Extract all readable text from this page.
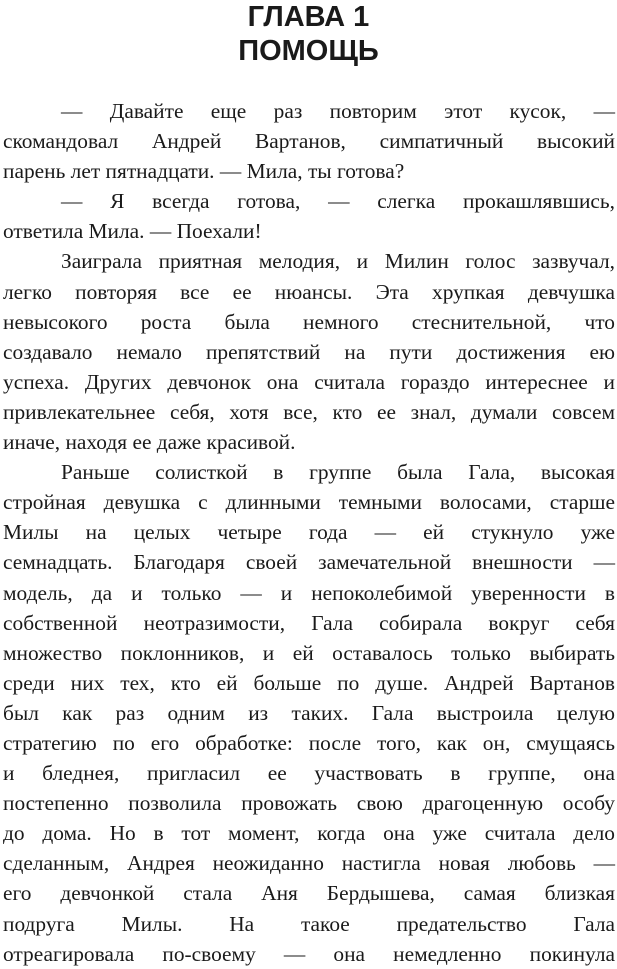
ГЛАВА 1
ПОМОЩЬ

— Давайте еще раз повторим этот кусок, —
скомандовал Андрей Вартанов, симпатичный высокий
парень лет пятнадцати. — Мила, ты готова?

— Я всегда готова, — слегка прокашлявшись,
ответила Мила. — Поехали!

Заиграла приятная мелодия, и Милин голос зазвучал,
легко повторяя все ее нюансы. Эта хрупкая девчушка
невысокого роста была немного стеснительной, что
создавало немало препятствий на пути достижения ею
успеха. Других девчонок она считала гораздо интереснее и
привлекательнее себя, хотя все, кто ее знал, думали совсем
иначе, находя ее даже красивой.

Раньше солисткой в группе была Гала, высокая
стройная девушка с длинными темными волосами, старше
Милы на целых четыре года — ей стукнуло уже
семнадцать. Благодаря своей замечательной внешности —
модель, да и только — и непоколебимой уверенности в
собственной неотразимости, Гала собирала вокруг себя
множество поклонников, и ей оставалось только выбирать
среди них тех, кто ей больше по душе. Андрей Вартанов
был как раз одним из таких. Гала выстроила целую
стратегию по его обработке: после того, как он, смущаясь
и бледнея, пригласил ее участвовать в группе, она
постепенно позволила провожать свою драгоценную особу
до дома. Но в тот момент, когда она уже считала дело
сделанным, Андрея неожиданно настигла новая любовь —
его девчонкой стала Аня Бердышева, самая близкая
подруга Милы. На такое предательство Гала
отреагировала по-своему — она немедленно покинула
